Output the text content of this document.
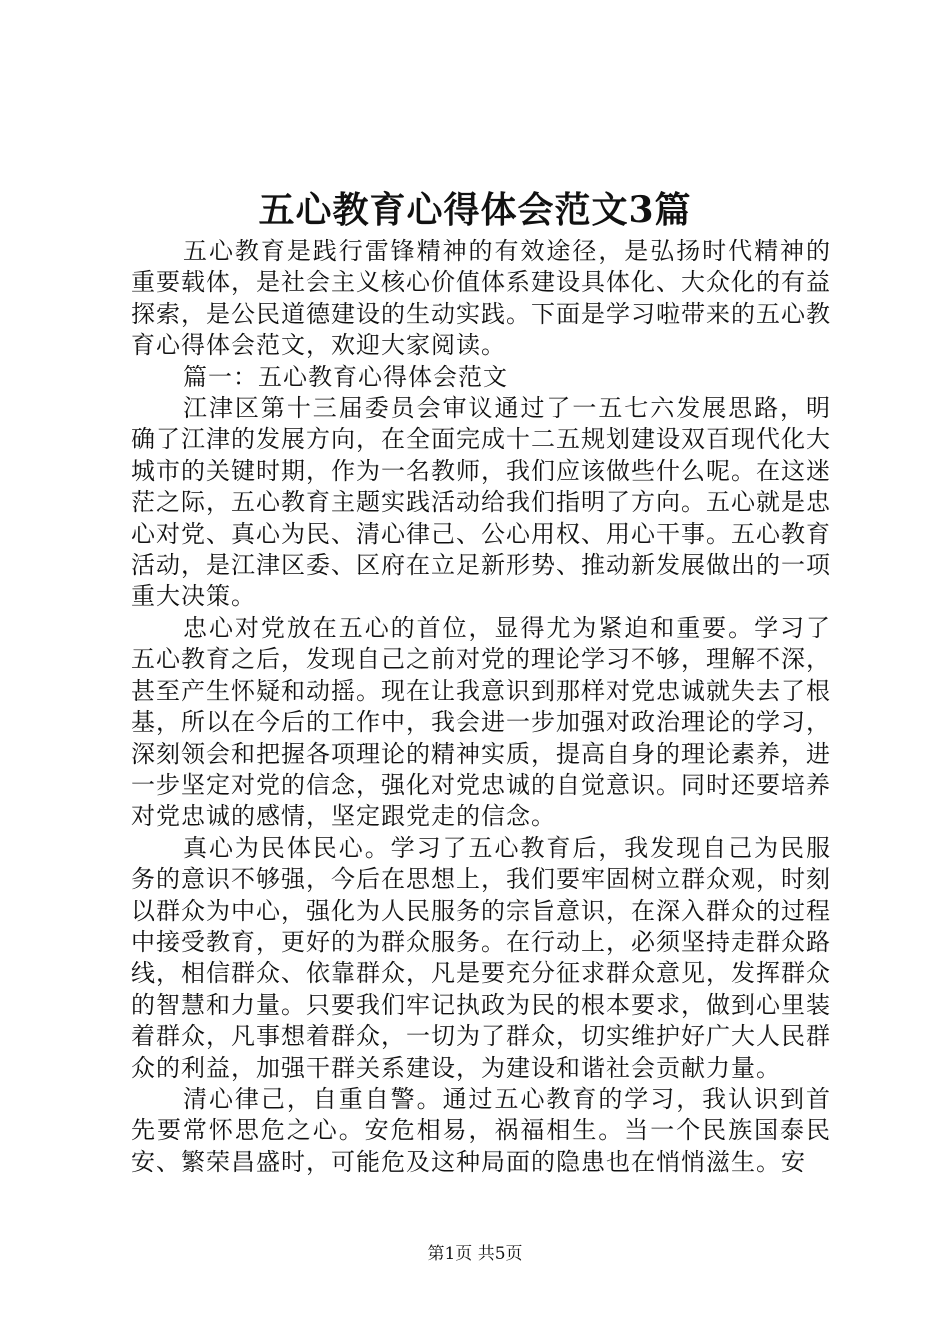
五心教育心得体会范文3篇

五心教育是践行雷锋精神的有效途径，是弘扬时代精神的重要载体，是社会主义核心价值体系建设具体化、大众化的有益探索，是公民道德建设的生动实践。下面是学习啦带来的五心教育心得体会范文，欢迎大家阅读。

篇一：五心教育心得体会范文

江津区第十三届委员会审议通过了一五七六发展思路，明确了江津的发展方向，在全面完成十二五规划建设双百现代化大城市的关键时期，作为一名教师，我们应该做些什么呢。在这迷茫之际，五心教育主题实践活动给我们指明了方向。五心就是忠心对党、真心为民、清心律己、公心用权、用心干事。五心教育活动，是江津区委、区府在立足新形势、推动新发展做出的一项重大决策。

忠心对党放在五心的首位，显得尤为紧迫和重要。学习了五心教育之后，发现自己之前对党的理论学习不够，理解不深，甚至产生怀疑和动摇。现在让我意识到那样对党忠诚就失去了根基，所以在今后的工作中，我会进一步加强对政治理论的学习，深刻领会和把握各项理论的精神实质，提高自身的理论素养，进一步坚定对党的信念，强化对党忠诚的自觉意识。同时还要培养对党忠诚的感情，坚定跟党走的信念。

真心为民体民心。学习了五心教育后，我发现自己为民服务的意识不够强，今后在思想上，我们要牢固树立群众观，时刻以群众为中心，强化为人民服务的宗旨意识，在深入群众的过程中接受教育，更好的为群众服务。在行动上，必须坚持走群众路线，相信群众、依靠群众，凡是要充分征求群众意见，发挥群众的智慧和力量。只要我们牢记执政为民的根本要求，做到心里装着群众，凡事想着群众，一切为了群众，切实维护好广大人民群众的利益，加强干群关系建设，为建设和谐社会贡献力量。

清心律己，自重自警。通过五心教育的学习，我认识到首先要常怀思危之心。安危相易，祸福相生。当一个民族国泰民安、繁荣昌盛时，可能危及这种局面的隐患也在悄悄滋生。安

第1页 共5页
